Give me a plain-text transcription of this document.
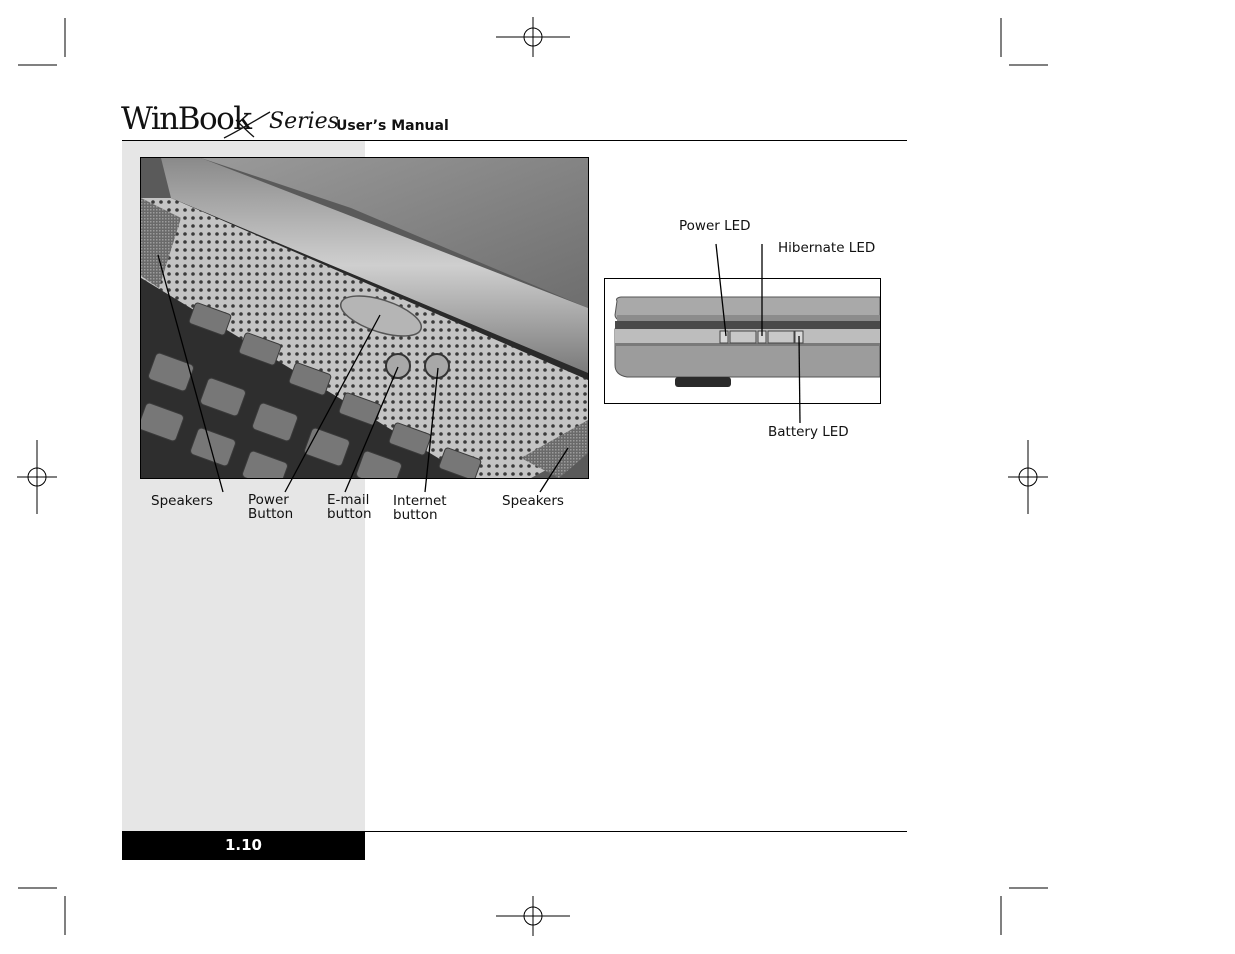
WinBook Series
User’s Manual
Speakers	Power
Button
E-mail
button
Internet
button
Speakers
Power LED
Hibernate LED
Battery LED
1.10
